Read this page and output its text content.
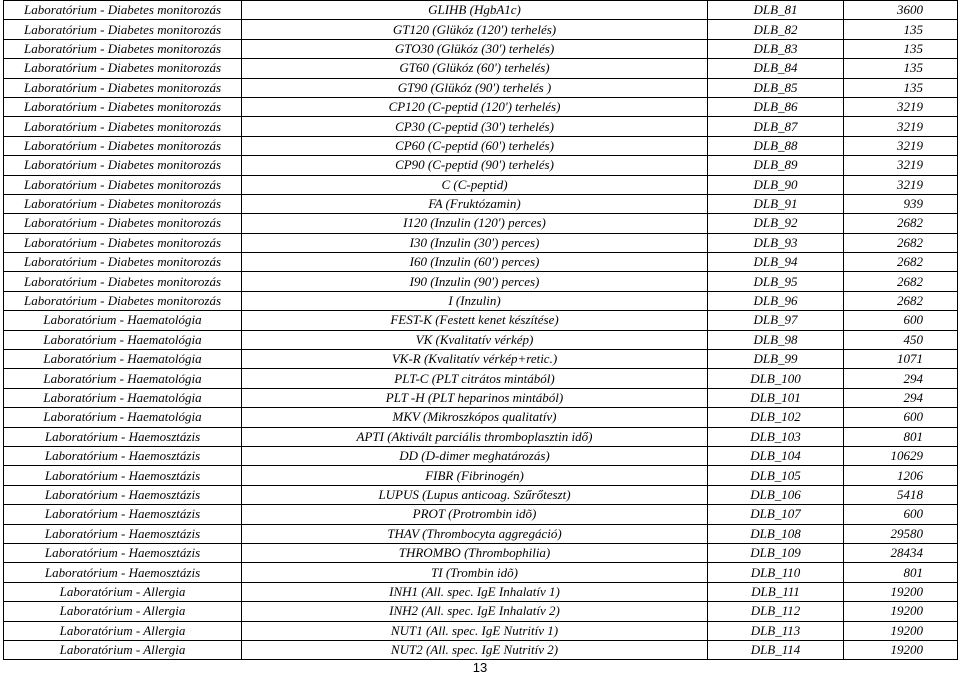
Laboratórium - Diabetes monitorozás	GLIHB (HgbA1c)	DLB_81	3600
Laboratórium - Diabetes monitorozás	GT120 (Glükóz (120') terhelés)	DLB_82	135
Laboratórium - Diabetes monitorozás	GTO30 (Glükóz (30') terhelés)	DLB_83	135
Laboratórium - Diabetes monitorozás	GT60 (Glükóz (60') terhelés)	DLB_84	135
Laboratórium - Diabetes monitorozás	GT90 (Glükóz (90') terhelés )	DLB_85	135
Laboratórium - Diabetes monitorozás	CP120 (C-peptid (120') terhelés)	DLB_86	3219
Laboratórium - Diabetes monitorozás	CP30 (C-peptid (30') terhelés)	DLB_87	3219
Laboratórium - Diabetes monitorozás	CP60 (C-peptid (60') terhelés)	DLB_88	3219
Laboratórium - Diabetes monitorozás	CP90 (C-peptid (90') terhelés)	DLB_89	3219
Laboratórium - Diabetes monitorozás	C (C-peptid)	DLB_90	3219
Laboratórium - Diabetes monitorozás	FA (Fruktózamin)	DLB_91	939
Laboratórium - Diabetes monitorozás	I120 (Inzulin (120') perces)	DLB_92	2682
Laboratórium - Diabetes monitorozás	I30 (Inzulin (30') perces)	DLB_93	2682
Laboratórium - Diabetes monitorozás	I60 (Inzulin (60') perces)	DLB_94	2682
Laboratórium - Diabetes monitorozás	I90 (Inzulin (90') perces)	DLB_95	2682
Laboratórium - Diabetes monitorozás	I (Inzulin)	DLB_96	2682
Laboratórium - Haematológia	FEST-K (Festett kenet készítése)	DLB_97	600
Laboratórium - Haematológia	VK (Kvalitatív vérkép)	DLB_98	450
Laboratórium - Haematológia	VK-R (Kvalitatív vérkép+retic.)	DLB_99	1071
Laboratórium - Haematológia	PLT-C (PLT citrátos mintából)	DLB_100	294
Laboratórium - Haematológia	PLT -H (PLT heparinos mintából)	DLB_101	294
Laboratórium - Haematológia	MKV (Mikroszkópos qualitatív)	DLB_102	600
Laboratórium - Haemosztázis	APTI (Aktivált parciális thromboplasztin idő)	DLB_103	801
Laboratórium - Haemosztázis	DD (D-dimer meghatározás)	DLB_104	10629
Laboratórium - Haemosztázis	FIBR (Fibrinogén)	DLB_105	1206
Laboratórium - Haemosztázis	LUPUS (Lupus anticoag. Szűrőteszt)	DLB_106	5418
Laboratórium - Haemosztázis	PROT (Protrombin idõ)	DLB_107	600
Laboratórium - Haemosztázis	THAV (Thrombocyta aggregáció)	DLB_108	29580
Laboratórium - Haemosztázis	THROMBO (Thrombophilia)	DLB_109	28434
Laboratórium - Haemosztázis	TI (Trombin idõ)	DLB_110	801
Laboratórium - Allergia	INH1 (All. spec. IgE Inhalatív 1)	DLB_111	19200
Laboratórium - Allergia	INH2 (All. spec. IgE Inhalatív 2)	DLB_112	19200
Laboratórium - Allergia	NUT1 (All. spec. IgE Nutritív 1)	DLB_113	19200
Laboratórium - Allergia	NUT2 (All. spec. IgE Nutritív 2)	DLB_114	19200
13
